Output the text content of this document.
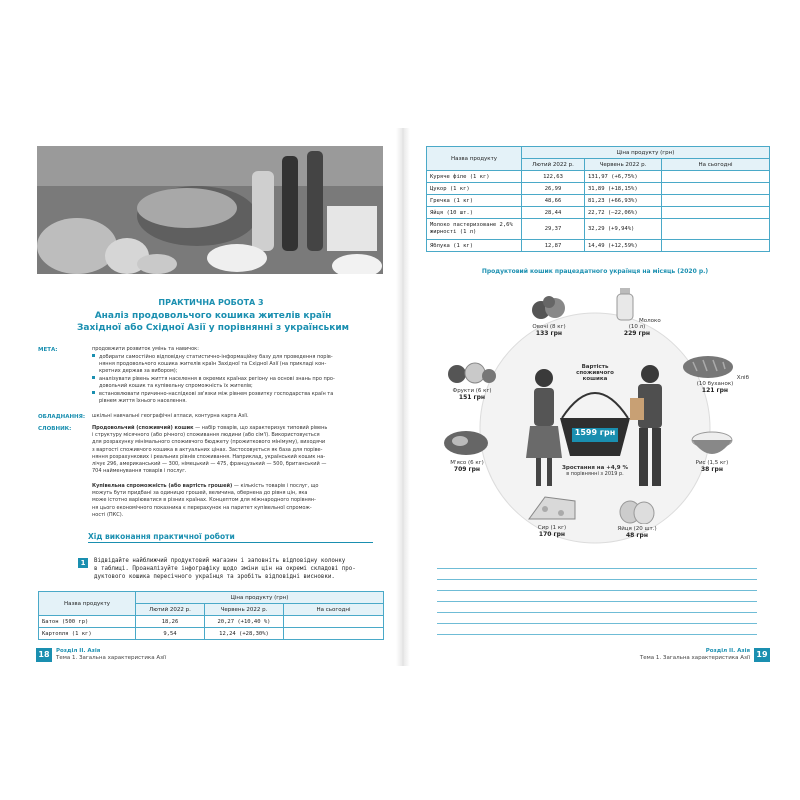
ПРАКТИЧНА РОБОТА 3
Аналіз продовольчого кошика жителів країн
Західної або Східної Азії у порівнянні з українським
МЕТА:	продовжити розвиток умінь та навичок:
добирати самостійно відповідну статистично-інформаційну базу для проведення порів-
няння продовольчого кошика жителів країн Західної та Східної Азії (на прикладі кон-
кретних держав за вибором);
аналізувати рівень життя населення в окремих країнах регіону на основі знань про про-
довольчий кошик та купівельну спроможність їх жителів;
встановлювати причинно-наслідкові зв'язки між рівнем розвитку господарства країн та
рівнем життя їхнього населення.
ОБЛАДНАННЯ: шкільні навчальні географічні атласи, контурна карта Азії.
СЛОВНИК:	Продовольчий (споживчий) кошик — набір товарів, що характеризує типовий рівень
і структуру місячного (або річного) споживання людини (або сім'ї). Використовується
для розрахунку мінімального споживчого бюджету (прожиткового мінімуму), виходячи
з вартості споживчого кошика в актуальних цінах. Застосовується як база для поріве-
няння розрахункових і реальних рівнів споживання. Наприклад, український кошик на-
лічує 296, американський — 300, німецький — 475, французький — 500, британський —
704 найменування товарів і послуг.
Купівельна спроможність (або вартість грошей) — кількість товарів і послуг, що
можуть бути придбані за одиницю грошей, величина, обернена до рівня цін, яка
може істотно варіюватися в різних країнах. Концептом для міжнародного порівнян-
ня цього економічного показника є перерахунок на паритет купівельної спромож-
ності (ПКС).
Хід виконання практичної роботи
1	Відвідайте найближчий продуктовий магазин і заповніть відповідну колонку
в таблиці. Проаналізуйте інфографіку щодо зміни цін на окремі складові про-
дуктового кошика пересічного українця та зробіть відповідні висновки.
Назва продукту	Ціна продукту (грн)		
	Лютий 2022 р.	Червень 2022 р.	На сьогодні
Батон (500 гр)	18,26	20,27 (+10,40 %)	
Картопля (1 кг)	9,54	12,24 (+28,30%)	
18	Розділ ІІ. Азія
Тема 1. Загальна характеристика Азії
Назва продукту	Ціна продукту (грн)		
	Лютий 2022 р.	Червень 2022 р.	На сьогодні
Куряче філе (1 кг)	122,63	131,97 (+6,75%)	
Цукор (1 кг)	26,99	31,89 (+18,15%)	
Гречка (1 кг)	48,66	81,23 (+66,93%)	
Яйця (10 шт.)	28,44	22,72 (–22,06%)	
Молоко пастеризоване 2,6% жирності (1 л)	29,37	32,29 (+9,94%)	
Яблука (1 кг)	12,87	14,49 (+12,59%)	
Продуктовий кошик працездатного українця на місяць (2020 р.)
Вартість споживчого кошика
1599 грн
Зростання на +4,9 %
в порівнянні з 2019 р.
Овочі (8 кг)
133 грн
Молоко (10 л)
229 грн
Хліб (10 буханок)
121 грн
Фрукти (6 кг)
151 грн
М'ясо (6 кг)
709 грн
Рис (1,5 кг)
38 грн
Сир (1 кг)
170 грн
Яйця (20 шт.)
48 грн
Розділ ІІ. Азія
Тема 1. Загальна характеристика Азії 19
